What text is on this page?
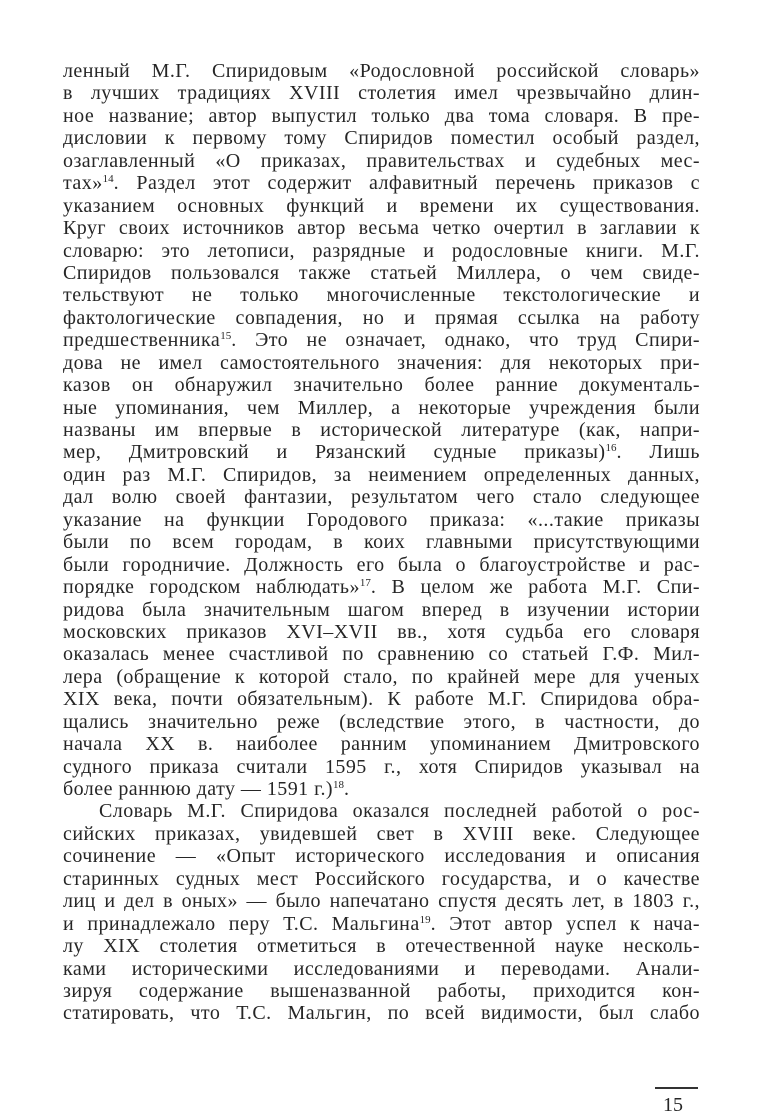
ленный М.Г. Спиридовым «Родословной российской словарь»
в лучших традициях XVIII столетия имел чрезвычайно длин-
ное название; автор выпустил только два тома словаря. В пре-
дисловии к первому тому Спиридов поместил особый раздел,
озаглавленный «О приказах, правительствах и судебных мес-
тах»$^{14}$. Раздел этот содержит алфавитный перечень приказов с
указанием основных функций и времени их существования.
Круг своих источников автор весьма четко очертил в заглавии к
словарю: это летописи, разрядные и родословные книги. М.Г.
Спиридов пользовался также статьей Миллера, о чем свиде-
тельствуют не только многочисленные текстологические и
фактологические совпадения, но и прямая ссылка на работу
предшественника$^{15}$. Это не означает, однако, что труд Спири-
дова не имел самостоятельного значения: для некоторых при-
казов он обнаружил значительно более ранние документаль-
ные упоминания, чем Миллер, а некоторые учреждения были
названы им впервые в исторической литературе (как, напри-
мер, Дмитровский и Рязанский судные приказы)$^{16}$. Лишь
один раз М.Г. Спиридов, за неимением определенных данных,
дал волю своей фантазии, результатом чего стало следующее
указание на функции Городового приказа: «...такие приказы
были по всем городам, в коих главными присутствующими
были городничие. Должность его была о благоустройстве и рас-
порядке городском наблюдать»$^{17}$. В целом же работа М.Г. Спи-
ридова была значительным шагом вперед в изучении истории
московских приказов XVI–XVII вв., хотя судьба его словаря
оказалась менее счастливой по сравнению со статьей Г.Ф. Мил-
лера (обращение к которой стало, по крайней мере для ученых
XIX века, почти обязательным). К работе М.Г. Спиридова обра-
щались значительно реже (вследствие этого, в частности, до
начала XX в. наиболее ранним упоминанием Дмитровского
судного приказа считали 1595 г., хотя Спиридов указывал на
более раннюю дату — 1591 г.)$^{18}$.
Словарь М.Г. Спиридова оказался последней работой о рос-
сийских приказах, увидевшей свет в XVIII веке. Следующее
сочинение — «Опыт исторического исследования и описания
старинных судных мест Российского государства, и о качестве
лиц и дел в оных» — было напечатано спустя десять лет, в 1803 г.,
и принадлежало перу Т.С. Мальгина$^{19}$. Этот автор успел к нача-
лу XIX столетия отметиться в отечественной науке несколь-
ками историческими исследованиями и переводами. Анали-
зируя содержание вышеназванной работы, приходится кон-
статировать, что Т.С. Мальгин, по всей видимости, был слабо
15
